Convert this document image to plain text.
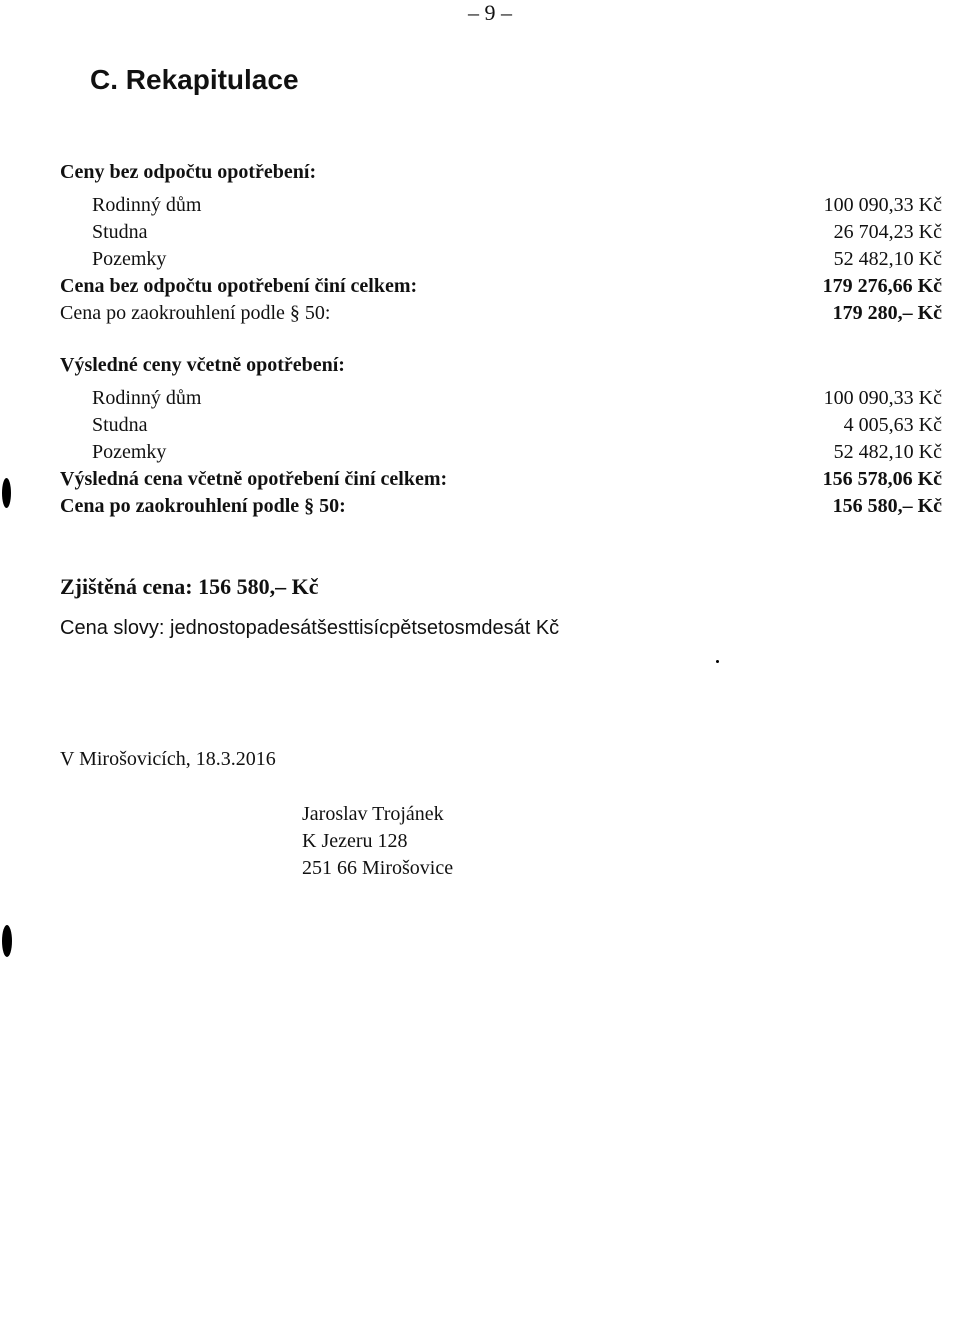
– 9 –
C. Rekapitulace
Ceny bez odpočtu opotřebení:
Rodinný dům	100 090,33 Kč
Studna	26 704,23 Kč
Pozemky	52 482,10 Kč
Cena bez odpočtu opotřebení činí celkem:	179 276,66 Kč
Cena po zaokrouhlení podle § 50:	179 280,– Kč
Výsledné ceny včetně opotřebení:
Rodinný dům	100 090,33 Kč
Studna	4 005,63 Kč
Pozemky	52 482,10 Kč
Výsledná cena včetně opotřebení činí celkem:	156 578,06 Kč
Cena po zaokrouhlení podle § 50:	156 580,– Kč
Zjištěná cena: 156 580,– Kč
Cena slovy: jednostopadesátšesttisícpětsetosmdesát Kč
V Mirošovicích, 18.3.2016
Jaroslav Trojánek
K Jezeru 128
251 66 Mirošovice
